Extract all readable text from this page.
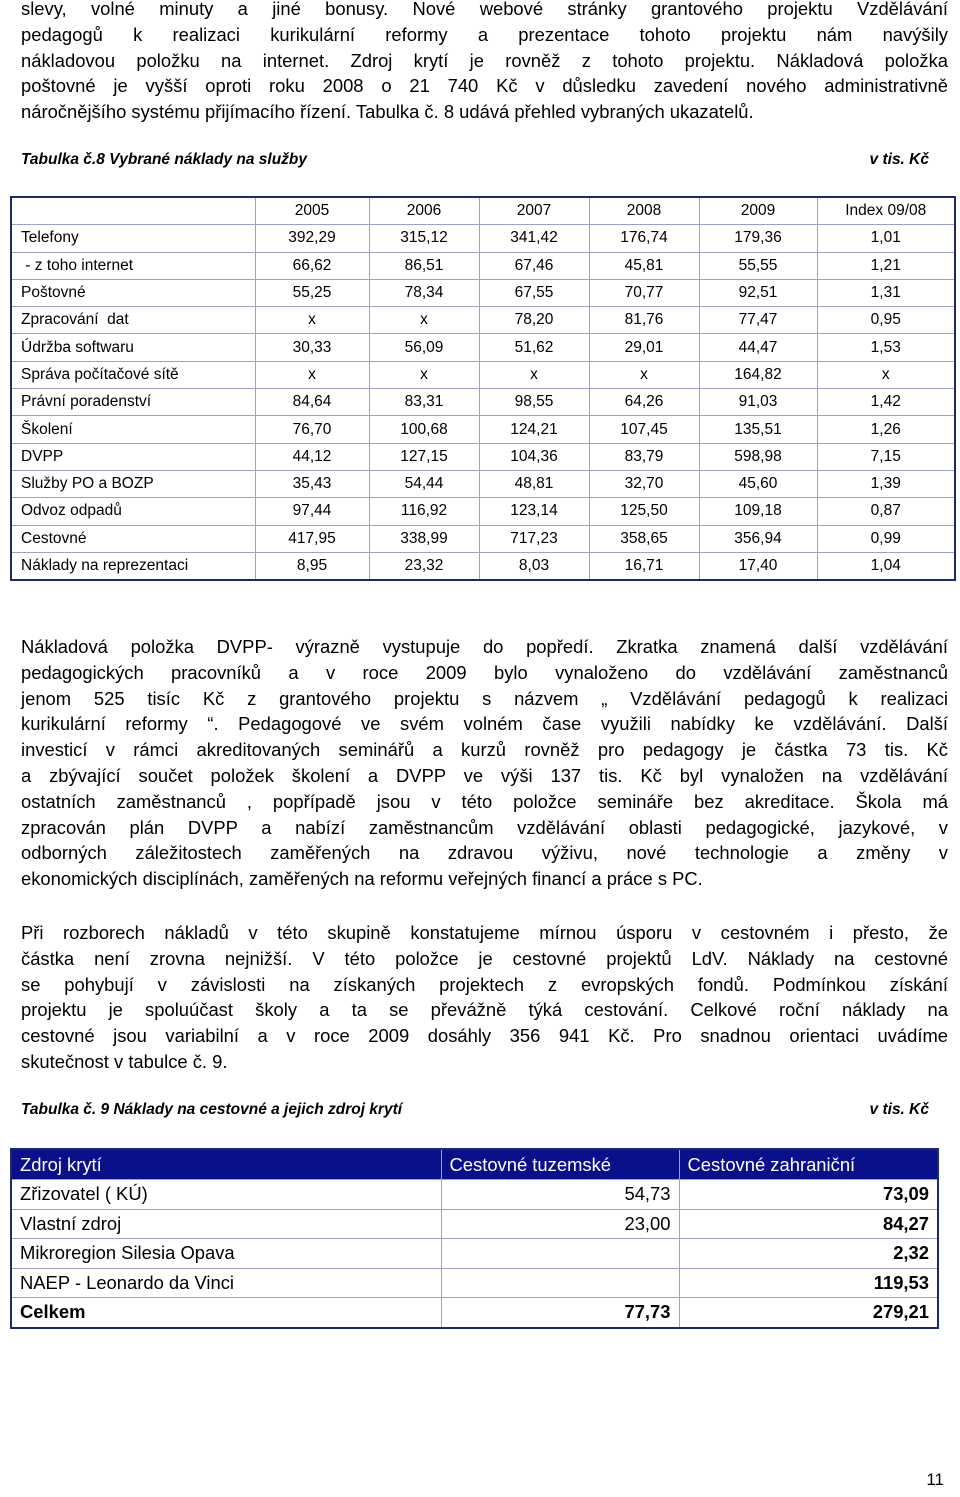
slevy, volné minuty a jiné bonusy. Nové webové stránky grantového projektu Vzdělávání
pedagogů k realizaci kurikulární reformy a prezentace tohoto projektu nám navýšily
nákladovou položku na internet. Zdroj krytí je rovněž z tohoto projektu. Nákladová položka
poštovné je vyšší oproti roku 2008 o 21 740 Kč v důsledku zavedení nového administrativně
náročnějšího systému přijímacího řízení. Tabulka č. 8 udává přehled vybraných ukazatelů.
Tabulka č.8 Vybrané náklady na služby	v tis. Kč
	2005	2006	2007	2008	2009	Index 09/08
Telefony	392,29	315,12	341,42	176,74	179,36	1,01
- z toho internet	66,62	86,51	67,46	45,81	55,55	1,21
Poštovné	55,25	78,34	67,55	70,77	92,51	1,31
Zpracování  dat	x	x	78,20	81,76	77,47	0,95
Údržba softwaru	30,33	56,09	51,62	29,01	44,47	1,53
Správa počítačové sítě	x	x	x	x	164,82	x
Právní poradenství	84,64	83,31	98,55	64,26	91,03	1,42
Školení	76,70	100,68	124,21	107,45	135,51	1,26
DVPP	44,12	127,15	104,36	83,79	598,98	7,15
Služby PO a BOZP	35,43	54,44	48,81	32,70	45,60	1,39
Odvoz odpadů	97,44	116,92	123,14	125,50	109,18	0,87
Cestovné	417,95	338,99	717,23	358,65	356,94	0,99
Náklady na reprezentaci	8,95	23,32	8,03	16,71	17,40	1,04
Nákladová položka DVPP- výrazně vystupuje do popředí. Zkratka znamená další vzdělávání
pedagogických pracovníků a v roce 2009 bylo vynaloženo do vzdělávání zaměstnanců
jenom 525 tisíc Kč z grantového projektu s názvem „ Vzdělávání pedagogů k realizaci
kurikulární reformy “. Pedagogové ve svém volném čase využili nabídky ke vzdělávání. Další
investicí v rámci akreditovaných seminářů a kurzů rovněž pro pedagogy je částka 73 tis. Kč
a zbývající součet položek školení a DVPP ve výši 137 tis. Kč byl vynaložen na vzdělávání
ostatních zaměstnanců , popřípadě jsou v této položce semináře bez akreditace. Škola má
zpracován plán DVPP a nabízí zaměstnancům vzdělávání oblasti pedagogické, jazykové, v
odborných záležitostech zaměřených na zdravou výživu, nové technologie a změny v
ekonomických disciplínách, zaměřených na reformu veřejných financí a práce s PC.
Při rozborech nákladů v této skupině konstatujeme mírnou úsporu v cestovném i přesto, že
částka není zrovna nejnižší. V této položce je cestovné projektů LdV. Náklady na cestovné
se pohybují v závislosti na získaných projektech z evropských fondů. Podmínkou získání
projektu je spoluúčast školy a ta se převážně týká cestování. Celkové roční náklady na
cestovné jsou variabilní a v roce 2009 dosáhly 356 941 Kč. Pro snadnou orientaci uvádíme
skutečnost v tabulce č. 9.
Tabulka č. 9 Náklady na cestovné a jejich zdroj krytí	v tis. Kč
Zdroj krytí	Cestovné tuzemské	Cestovné zahraniční
Zřizovatel ( KÚ)	54,73	73,09
Vlastní zdroj	23,00	84,27
Mikroregion Silesia Opava		2,32
NAEP - Leonardo da Vinci		119,53
Celkem	77,73	279,21
11
